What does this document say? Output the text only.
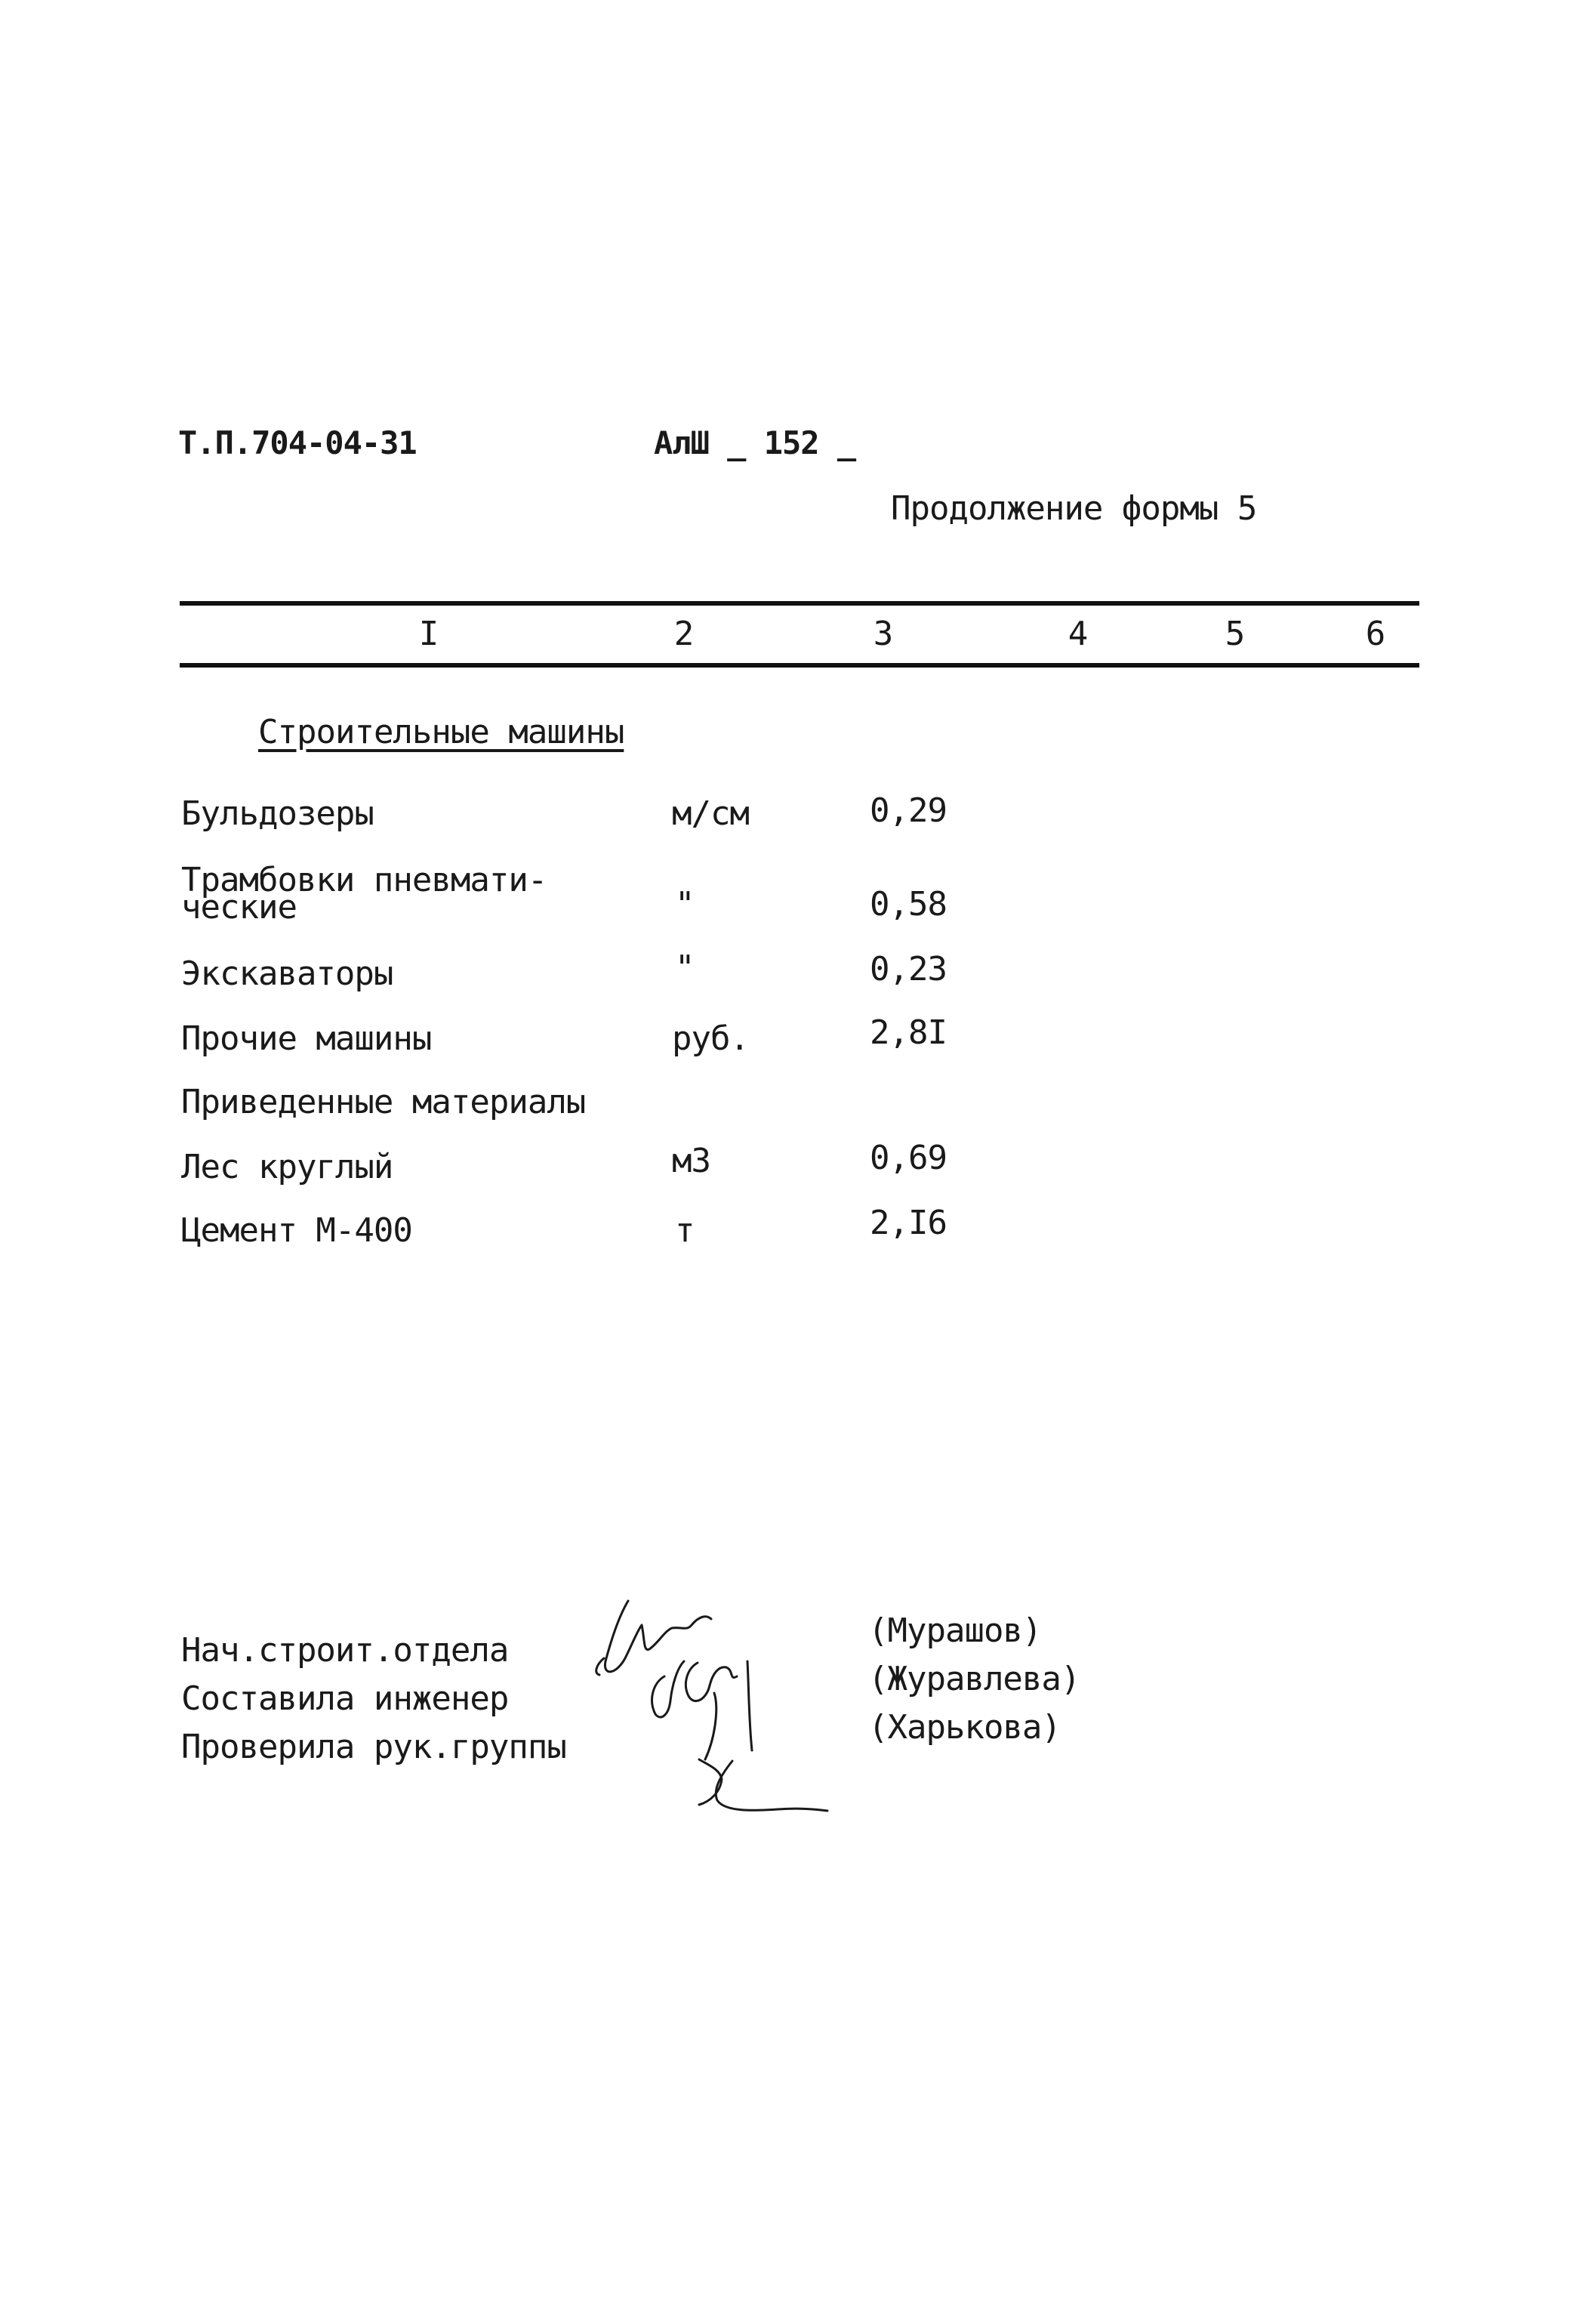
Т.П.704-04-31	АлШ _ 152 _
Продолжение формы 5
I	2	3	4	5	6
Строительные машины
Бульдозеры	м/см	0,29
Трамбовки пневмати-
ческие	"	0,58
Экскаваторы	"	0,23
Прочие машины	руб.	2,8I
Приведенные материалы
Лес круглый	м3	0,69
Цемент М-400	т	2,I6
Нач.строит.отдела
Составила инженер
Проверила рук.группы
(Мурашов)
(Журавлева)
(Харькова)
